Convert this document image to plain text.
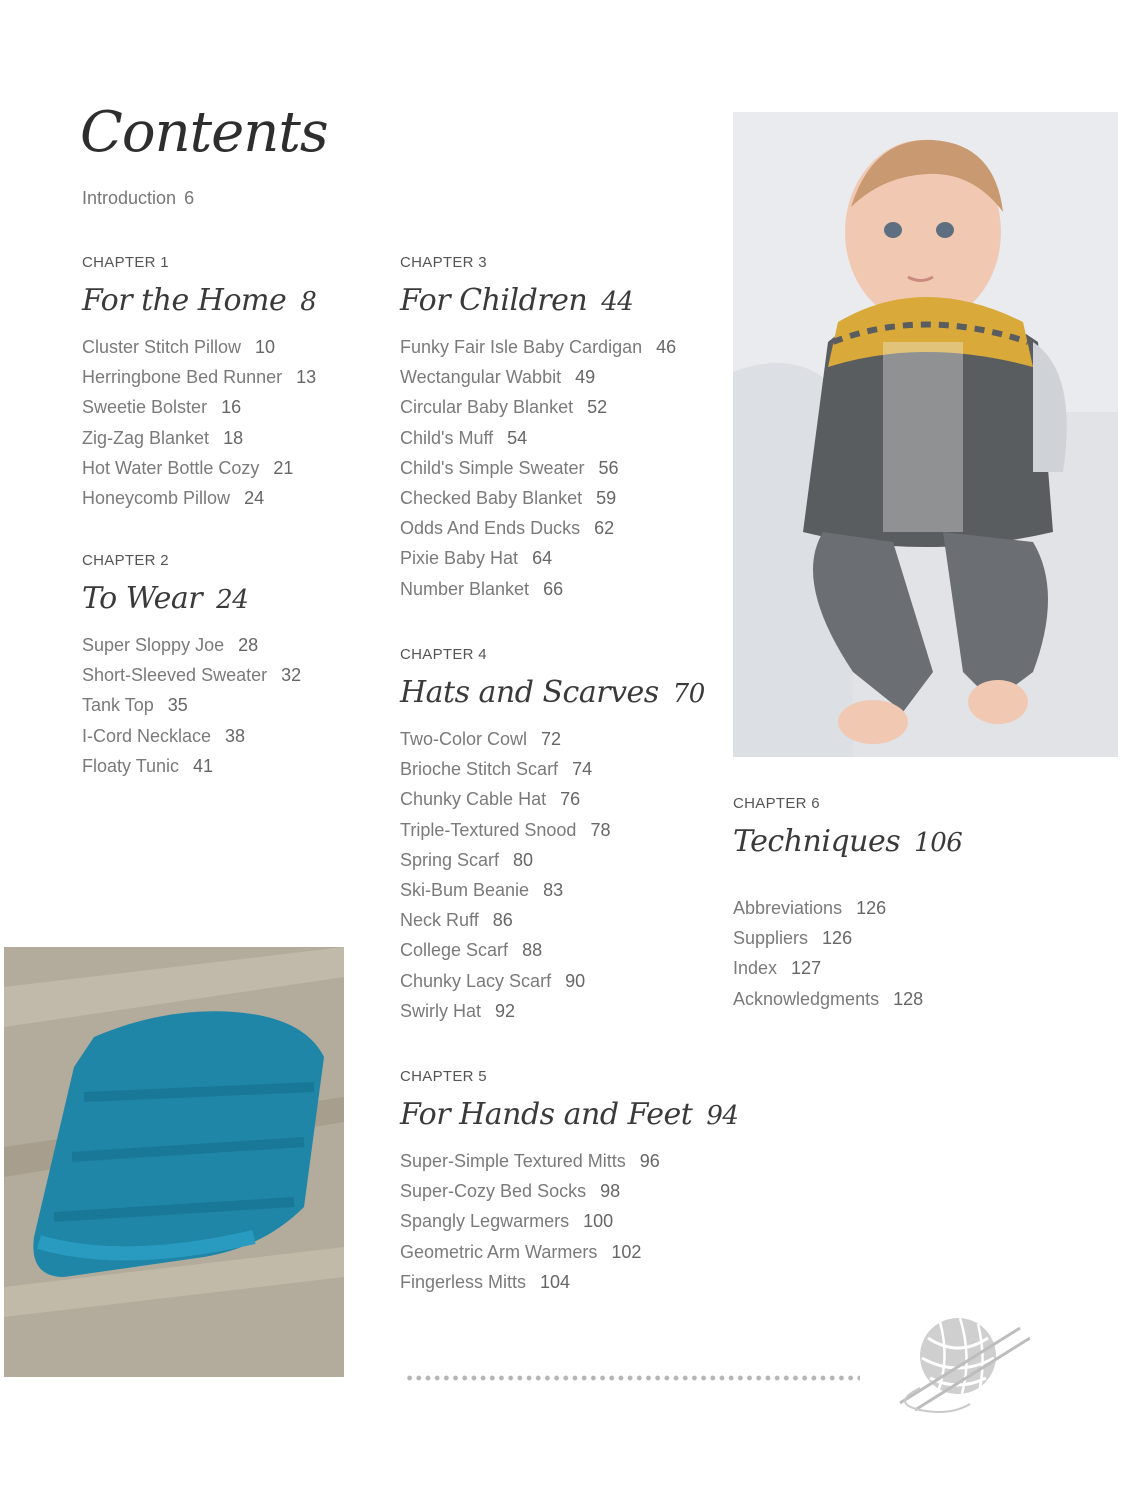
Contents
Introduction 6

CHAPTER 1

For the Home 8
Cluster Stitch Pillow 10
Herringbone Bed Runner 13
Sweetie Bolster 16
Zig-Zag Blanket 18
Hot Water Bottle Cozy 21
Honeycomb Pillow 24

CHAPTER 2

To Wear 24
Super Sloppy Joe 28
Short-Sleeved Sweater 32
Tank Top 35
I-Cord Necklace 38
Floaty Tunic 41

CHAPTER 3

For Children 44
Funky Fair Isle Baby Cardigan 46
Wectangular Wabbit 49
Circular Baby Blanket 52
Child's Muff 54
Child's Simple Sweater 56
Checked Baby Blanket 59
Odds And Ends Ducks 62
Pixie Baby Hat 64
Number Blanket 66

CHAPTER 4

Hats and Scarves 70
Two-Color Cowl 72
Brioche Stitch Scarf 74
Chunky Cable Hat 76
Triple-Textured Snood 78
Spring Scarf 80
Ski-Bum Beanie 83
Neck Ruff 86
College Scarf 88
Chunky Lacy Scarf 90
Swirly Hat 92

CHAPTER 5

For Hands and Feet 94
Super-Simple Textured Mitts 96
Super-Cozy Bed Socks 98
Spangly Legwarmers 100
Geometric Arm Warmers 102
Fingerless Mitts 104

CHAPTER 6

Techniques 106
Abbreviations 126
Suppliers 126
Index 127
Acknowledgments 128
